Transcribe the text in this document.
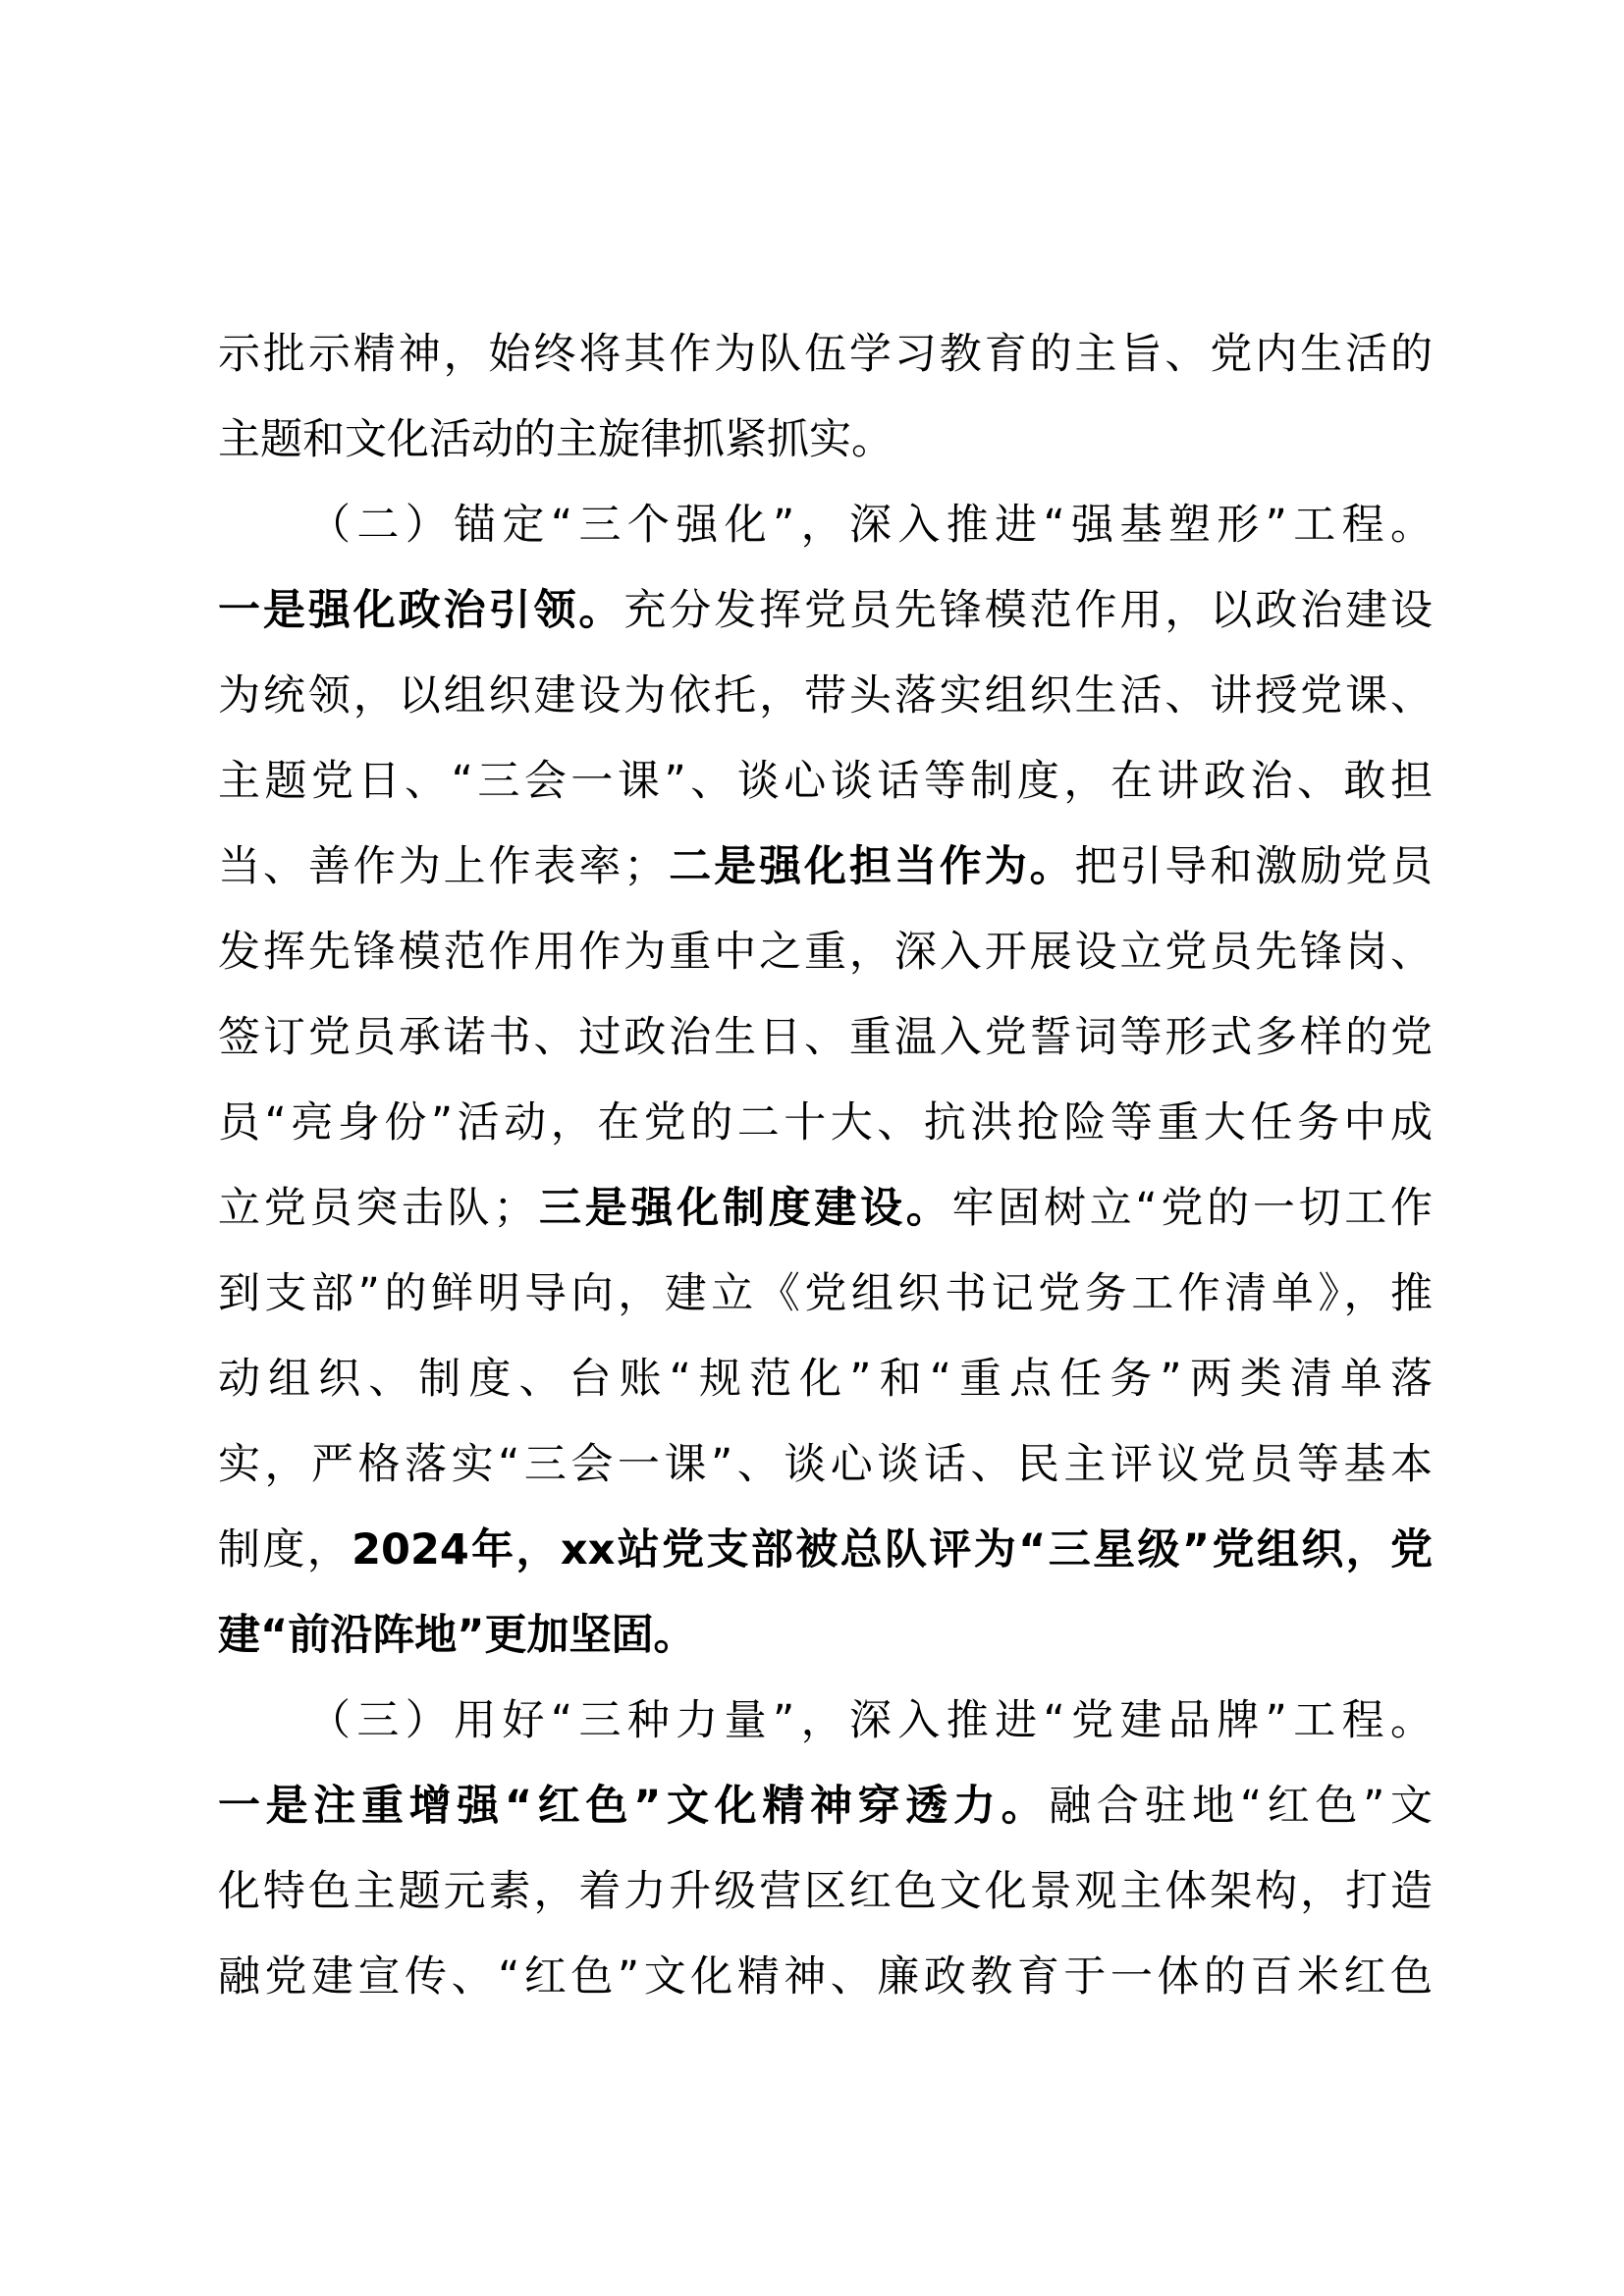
示批示精神，始终将其作为队伍学习教育的主旨、党内生活的
主题和文化活动的主旋律抓紧抓实。
（二）锚定“三个强化”，深入推进“强基塑形”工程。
一是强化政治引领。充分发挥党员先锋模范作用，以政治建设
为统领，以组织建设为依托，带头落实组织生活、讲授党课、
主题党日、“三会一课”、谈心谈话等制度，在讲政治、敢担
当、善作为上作表率；二是强化担当作为。把引导和激励党员
发挥先锋模范作用作为重中之重，深入开展设立党员先锋岗、
签订党员承诺书、过政治生日、重温入党誓词等形式多样的党
员“亮身份”活动，在党的二十大、抗洪抢险等重大任务中成
立党员突击队；三是强化制度建设。牢固树立“党的一切工作
到支部”的鲜明导向，建立《党组织书记党务工作清单》，推
动组织、制度、台账“规范化”和“重点任务”两类清单落
实，严格落实“三会一课”、谈心谈话、民主评议党员等基本
制度，2024年，xx站党支部被总队评为“三星级”党组织，党
建“前沿阵地”更加坚固。
（三）用好“三种力量”，深入推进“党建品牌”工程。
一是注重增强“红色”文化精神穿透力。融合驻地“红色”文
化特色主题元素，着力升级营区红色文化景观主体架构，打造
融党建宣传、“红色”文化精神、廉政教育于一体的百米红色
